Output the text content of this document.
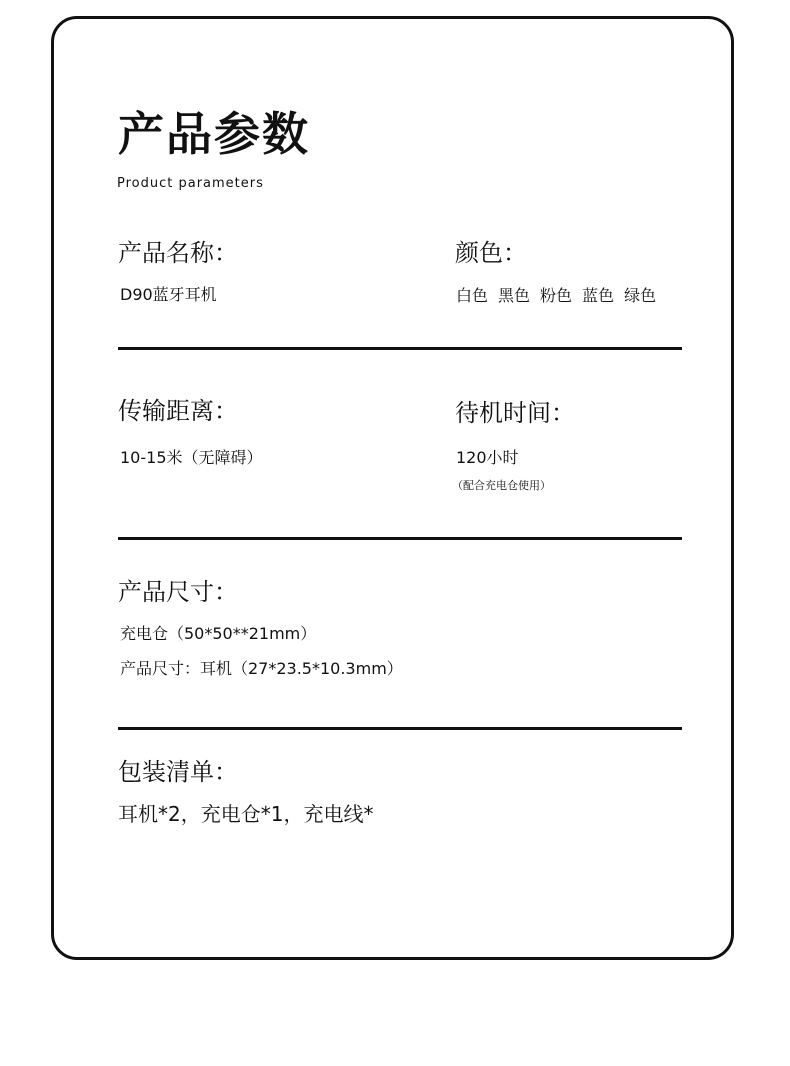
产品参数
Product parameters
产品名称：
D90蓝牙耳机
颜色：
白色 黑色 粉色 蓝色 绿色
传输距离：
10-15米（无障碍）
待机时间：
120小时
（配合充电仓使用）
产品尺寸：
充电仓（50*50**21mm）
产品尺寸：耳机（27*23.5*10.3mm）
包装清单：
耳机*2，充电仓*1，充电线*
